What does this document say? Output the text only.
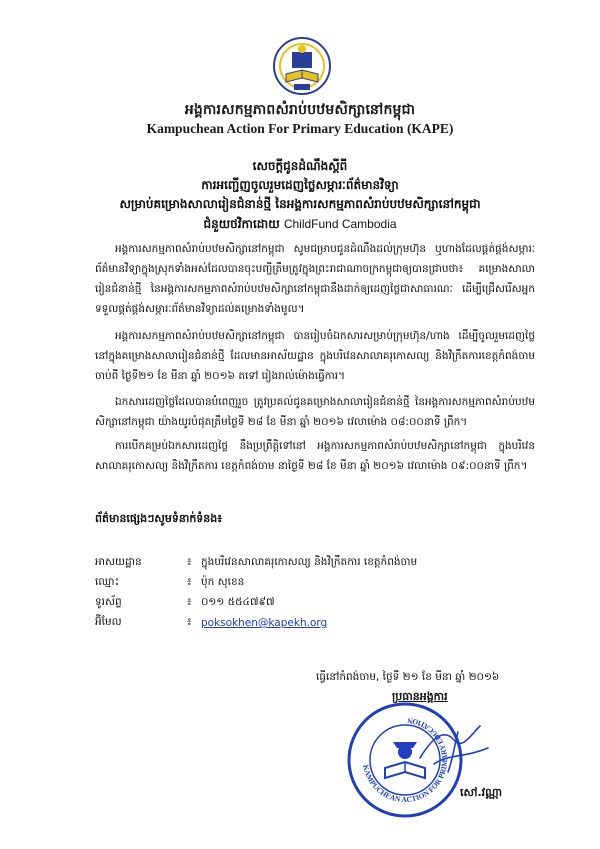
អង្គការសកម្មភាពសំរាប់បឋមសិក្សានៅកម្ពុជា
Kampuchean Action For Primary Education (KAPE)
សេចក្តីជូនដំណឹងស្តីពី
ការអញ្ជើញចូលរួមដេញថ្លៃសម្ភារៈព័ត៌មានវិទ្យា
សម្រាប់គម្រោងសាលារៀនជំនាន់ថ្មី នៃអង្គការសកម្មភាពសំរាប់បឋមសិក្សានៅកម្ពុជា
ជំនួយថវិកាដោយ ChildFund Cambodia
អង្គការសកម្មភាពសំរាប់បឋមសិក្សានៅកម្ពុជា សូមជម្រាបជូនដំណឹងដល់ក្រុមហ៊ុន ឬហាងដែលផ្គត់ផ្គង់សម្ភារៈព័ត៌មានវិទ្យាក្នុងស្រុកទាំងអស់ដែលបានចុះបញ្ជីត្រឹមត្រូវក្នុងព្រះរាជាណាចក្រកម្ពុជាឲ្យបានជ្រាបថា៖ គម្រោងសាលារៀនជំនាន់ថ្មី នៃអង្គការសកម្មភាពសំរាប់បឋមសិក្សានៅកម្ពុជានឹងដាក់ឲ្យដេញថ្លៃជាសាធារណៈ ដើម្បីជ្រើសរើសអ្នកទទួលផ្គត់ផ្គង់សម្ភារៈព័ត៌មានវិទ្យាដល់គម្រោងទាំងមូល។
អង្គការសកម្មភាពសំរាប់បឋមសិក្សានៅកម្ពុជា បានរៀបចំឯកសារសម្រាប់ក្រុមហ៊ុន/ហាង ដើម្បីចូលរួមដេញថ្លៃនៅក្នុងគម្រោងសាលារៀនជំនាន់ថ្មី ដែលមានអាស័យដ្ឋាន ក្នុងបរិវេនសាលាគរុកោសល្យ និងវិក្រឹតការខេត្តកំពង់ចាម ចាប់ពី ថ្ងៃទី២១ ខែ មីនា ឆ្នាំ ២០១៦ តទៅ រៀងរាល់ម៉ោងធ្វើការ។
ឯកសារដេញថ្លៃដែលបានបំពេញរួច ត្រូវប្រគល់ជូនគម្រោងសាលារៀនជំនាន់ថ្មី នៃអង្គការសកម្មភាពសំរាប់បឋមសិក្សានៅកម្ពុជា យ៉ាងយូរបំផុតត្រឹមថ្ងៃទី ២៨ ខែ មីនា ឆ្នាំ ២០១៦ វេលាម៉ោង ០៨:០០នាទី ព្រឹក។
ការបើកគម្រប់ឯកសារដេញថ្លៃ នឹងប្រព្រឹត្តិទៅនៅ អង្គការសកម្មភាពសំរាប់បឋមសិក្សានៅកម្ពុជា ក្នុងបរិវេនសាលាគរុកោសល្យ និងវិក្រឹតការ ខេត្តកំពង់ចាម នាថ្ងៃទី ២៨ ខែ មីនា ឆ្នាំ ២០១៦ វេលាម៉ោង ០៩:០០នាទី ព្រឹក។
ព័ត៌មានផ្សេងៗសូមទំនាក់ទំនង៖
អាសយដ្ឋាន	៖ ក្នុងបរិវេនសាលាគរុកោសល្យ និងវិក្រឹតការ ខេត្តកំពង់ចាម
ឈ្មោះ	៖ ប៉ុក សុខេន
ទូរស័ព្ទ	៖ ០១១ ៥៥៤៧៩៧
អ៊ីមែល	៖ poksokhen@kapekh.org
ធ្វើនៅកំពង់ចាម, ថ្ងៃទី ២១ ខែ មីនា ឆ្នាំ ២០១៦
ប្រធានអង្គការ
KAMPUCHEAN ACTION FOR PRIMARY EDUCATION
សៅ.វណ្ណា
